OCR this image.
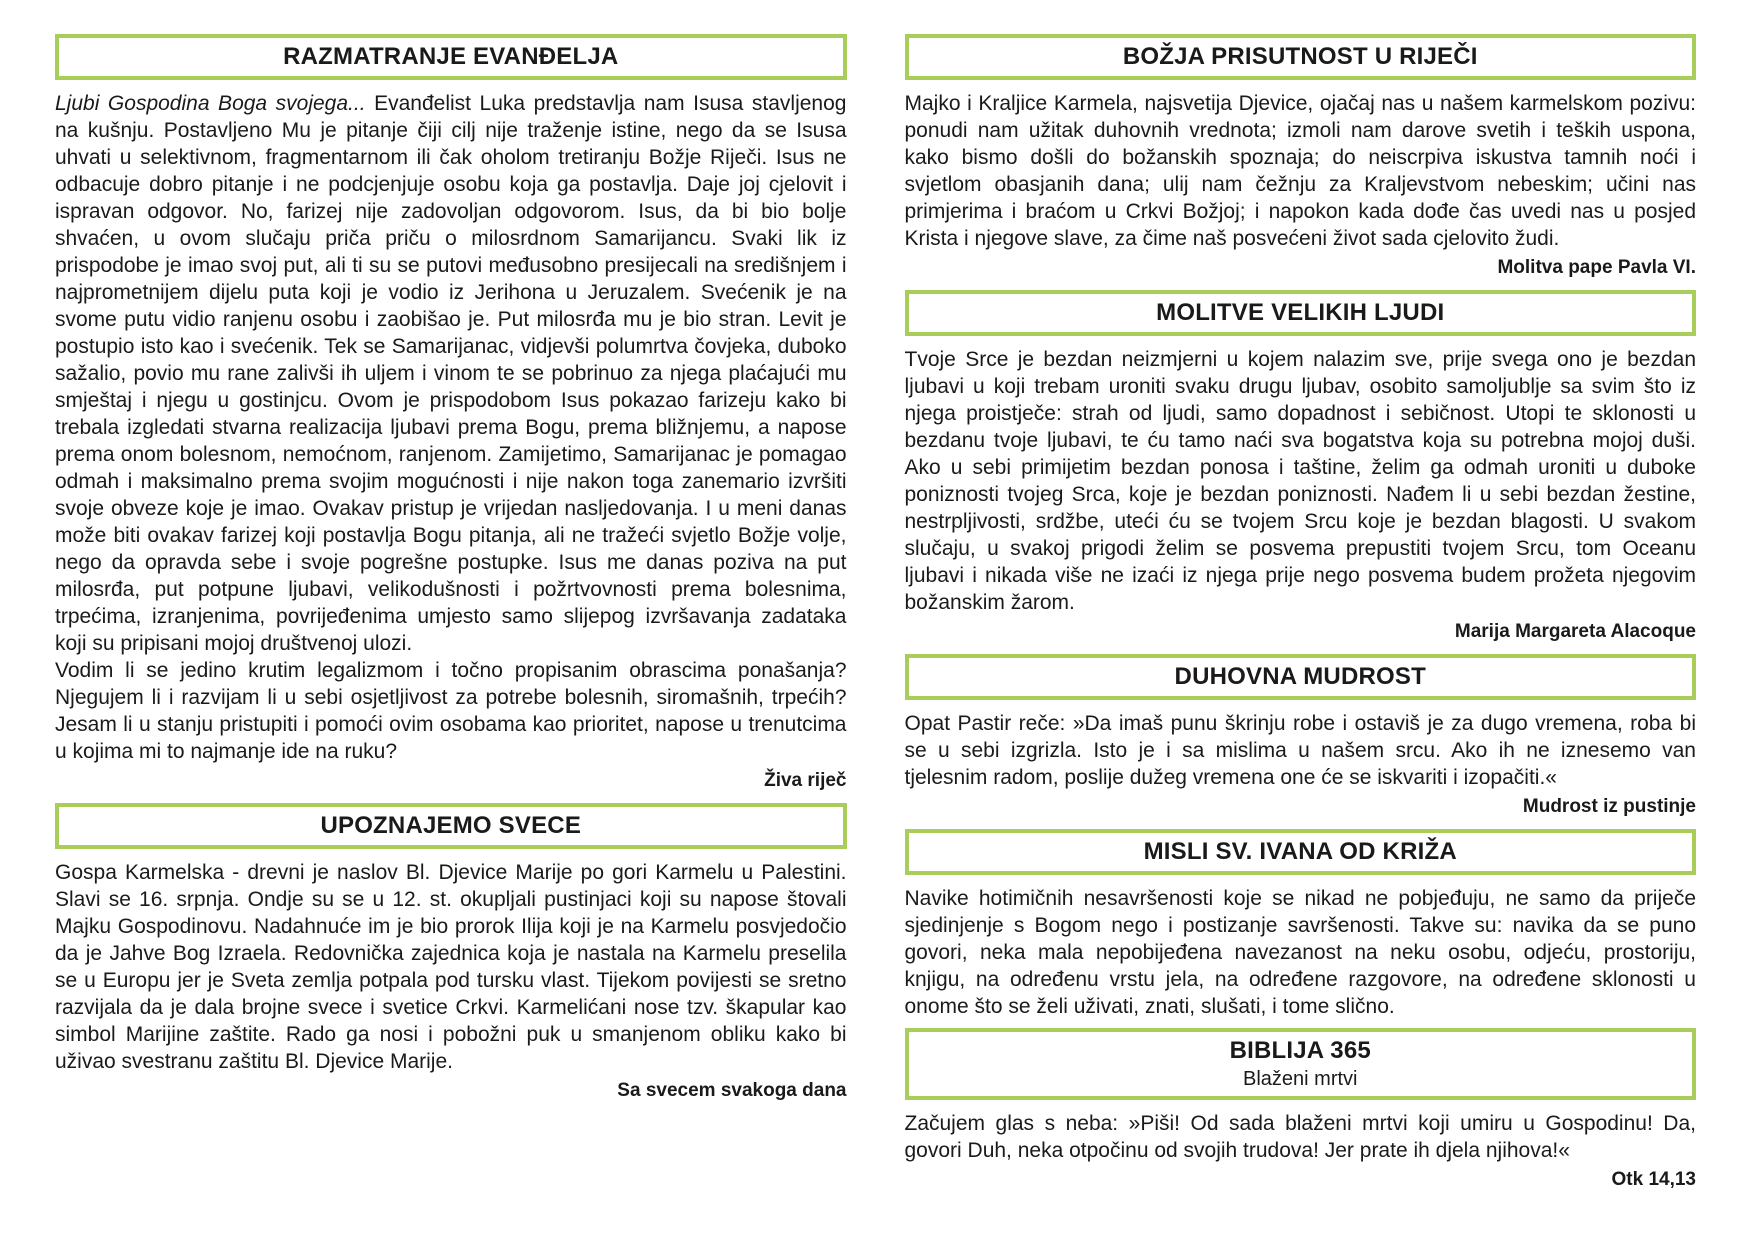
RAZMATRANJE EVANĐELJA

Ljubi Gospodina Boga svojega... Evanđelist Luka predstavlja nam Isusa stavljenog na kušnju. Postavljeno Mu je pitanje čiji cilj nije traženje istine, nego da se Isusa uhvati u selektivnom, fragmentarnom ili čak oholom tretiranju Božje Riječi. Isus ne odbacuje dobro pitanje i ne podcjenjuje osobu koja ga postavlja. Daje joj cjelovit i ispravan odgovor. No, farizej nije zadovoljan odgovorom. Isus, da bi bio bolje shvaćen, u ovom slučaju priča priču o milosrdnom Samarijancu. Svaki lik iz prispodobe je imao svoj put, ali ti su se putovi međusobno presijecali na središnjem i najprometnijem dijelu puta koji je vodio iz Jerihona u Jeruzalem. Svećenik je na svome putu vidio ranjenu osobu i zaobišao je. Put milosrđa mu je bio stran. Levit je postupio isto kao i svećenik. Tek se Samarijanac, vidjevši polumrtva čovjeka, duboko sažalio, povio mu rane zalivši ih uljem i vinom te se pobrinuo za njega plaćajući mu smještaj i njegu u gostinjcu. Ovom je prispodobom Isus pokazao farizeju kako bi trebala izgledati stvarna realizacija ljubavi prema Bogu, prema bližnjemu, a napose prema onom bolesnom, nemoćnom, ranjenom. Zamijetimo, Samarijanac je pomagao odmah i maksimalno prema svojim mogućnosti i nije nakon toga zanemario izvršiti svoje obveze koje je imao. Ovakav pristup je vrijedan nasljedovanja. I u meni danas može biti ovakav farizej koji postavlja Bogu pitanja, ali ne tražeći svjetlo Božje volje, nego da opravda sebe i svoje pogrešne postupke. Isus me danas poziva na put milosrđa, put potpune ljubavi, velikodušnosti i požrtvovnosti prema bolesnima, trpećima, izranjenima, povrijeđenima umjesto samo slijepog izvršavanja zadataka koji su pripisani mojoj društvenoj ulozi.

Vodim li se jedino krutim legalizmom i točno propisanim obrascima ponašanja? Njegujem li i razvijam li u sebi osjetljivost za potrebe bolesnih, siromašnih, trpećih? Jesam li u stanju pristupiti i pomoći ovim osobama kao prioritet, napose u trenutcima u kojima mi to najmanje ide na ruku?

Živa riječ
UPOZNAJEMO SVECE

Gospa Karmelska - drevni je naslov Bl. Djevice Marije po gori Karmelu u Palestini. Slavi se 16. srpnja. Ondje su se u 12. st. okupljali pustinjaci koji su napose štovali Majku Gospodinovu. Nadahnuće im je bio prorok Ilija koji je na Karmelu posvjedočio da je Jahve Bog Izraela. Redovnička zajednica koja je nastala na Karmelu preselila se u Europu jer je Sveta zemlja potpala pod tursku vlast. Tijekom povijesti se sretno razvijala da je dala brojne svece i svetice Crkvi. Karmelićani nose tzv. škapular kao simbol Marijine zaštite. Rado ga nosi i pobožni puk u smanjenom obliku kako bi uživao svestranu zaštitu Bl. Djevice Marije.

Sa svecem svakoga dana
BOŽJA PRISUTNOST U RIJEČI

Majko i Kraljice Karmela, najsvetija Djevice, ojačaj nas u našem karmelskom pozivu: ponudi nam užitak duhovnih vrednota; izmoli nam darove svetih i teških uspona, kako bismo došli do božanskih spoznaja; do neiscrpiva iskustva tamnih noći i svjetlom obasjanih dana; ulij nam čežnju za Kraljevstvom nebeskim; učini nas primjerima i braćom u Crkvi Božjoj; i napokon kada dođe čas uvedi nas u posjed Krista i njegove slave, za čime naš posvećeni život sada cjelovito žudi.

Molitva pape Pavla VI.
MOLITVE VELIKIH LJUDI

Tvoje Srce je bezdan neizmjerni u kojem nalazim sve, prije svega ono je bezdan ljubavi u koji trebam uroniti svaku drugu ljubav, osobito samoljublje sa svim što iz njega proistječe: strah od ljudi, samo dopadnost i sebičnost. Utopi te sklonosti u bezdanu tvoje ljubavi, te ću tamo naći sva bogatstva koja su potrebna mojoj duši. Ako u sebi primijetim bezdan ponosa i taštine, želim ga odmah uroniti u duboke poniznosti tvojeg Srca, koje je bezdan poniznosti. Nađem li u sebi bezdan žestine, nestrpljivosti, srdžbe, uteći ću se tvojem Srcu koje je bezdan blagosti. U svakom slučaju, u svakoj prigodi želim se posvema prepustiti tvojem Srcu, tom Oceanu ljubavi i nikada više ne izaći iz njega prije nego posvema budem prožeta njegovim božanskim žarom.

Marija Margareta Alacoque
DUHOVNA MUDROST

Opat Pastir reče: »Da imaš punu škrinju robe i ostaviš je za dugo vremena, roba bi se u sebi izgrizla. Isto je i sa mislima u našem srcu. Ako ih ne iznesemo van tjelesnim radom, poslije dužeg vremena one će se iskvariti i izopačiti.«

Mudrost iz pustinje
MISLI SV. IVANA OD KRIŽA

Navike hotimičnih nesavršenosti koje se nikad ne pobjeđuju, ne samo da priječe sjedinjenje s Bogom nego i postizanje savršenosti. Takve su: navika da se puno govori, neka mala nepobijeđena navezanost na neku osobu, odjeću, prostoriju, knjigu, na određenu vrstu jela, na određene razgovore, na određene sklonosti u onome što se želi uživati, znati, slušati, i tome slično.

BIBLIJA 365
Blaženi mrtvi

Začujem glas s neba: »Piši! Od sada blaženi mrtvi koji umiru u Gospodinu! Da, govori Duh, neka otpočinu od svojih trudova! Jer prate ih djela njihova!«

Otk 14,13
